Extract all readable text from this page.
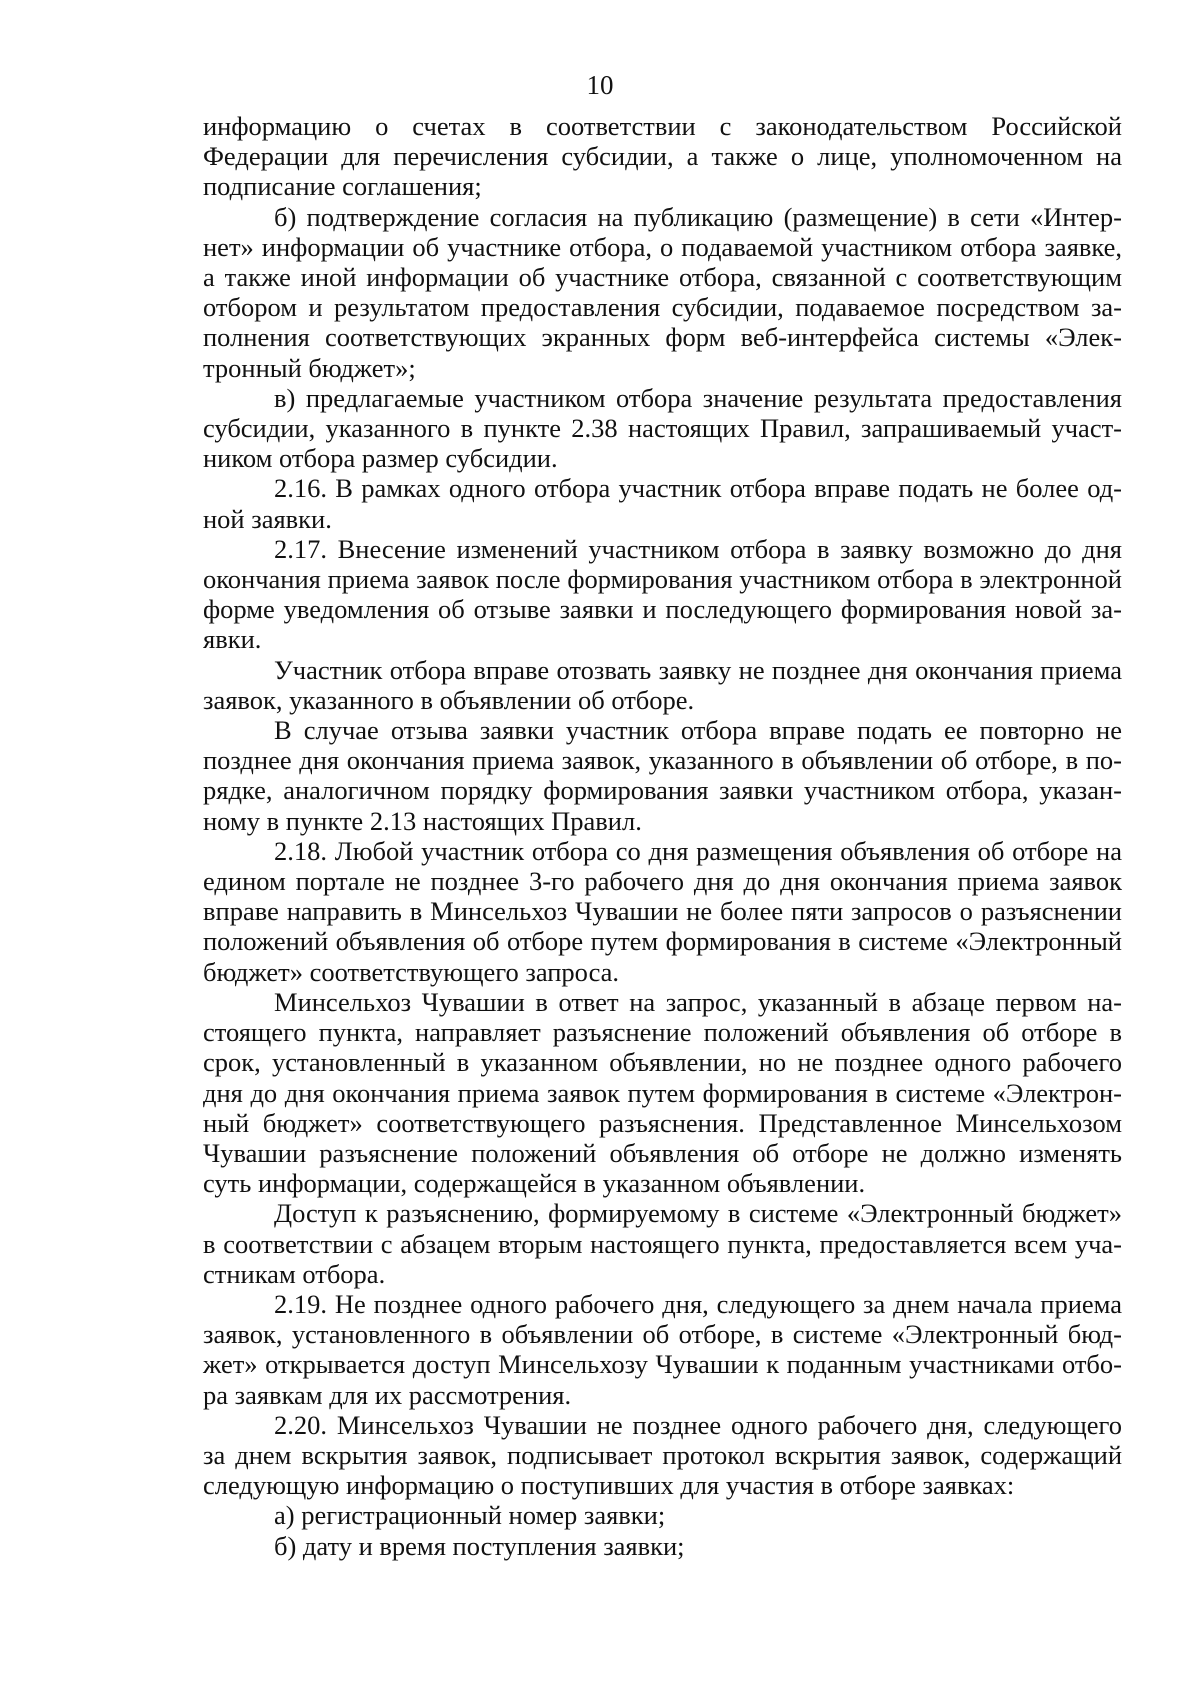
10

информацию о счетах в соответствии с законодательством Российской
Федерации для перечисления субсидии, а также о лице, уполномоченном на
подписание соглашения;

б) подтверждение согласия на публикацию (размещение) в сети «Интер-
нет» информации об участнике отбора, о подаваемой участником отбора заявке,
а также иной информации об участнике отбора, связанной с соответствующим
отбором и результатом предоставления субсидии, подаваемое посредством за-
полнения соответствующих экранных форм веб-интерфейса системы «Элек-
тронный бюджет»;

в) предлагаемые участником отбора значение результата предоставления
субсидии, указанного в пункте 2.38 настоящих Правил, запрашиваемый участ-
ником отбора размер субсидии.

2.16. В рамках одного отбора участник отбора вправе подать не более од-
ной заявки.

2.17. Внесение изменений участником отбора в заявку возможно до дня
окончания приема заявок после формирования участником отбора в электронной
форме уведомления об отзыве заявки и последующего формирования новой за-
явки.

Участник отбора вправе отозвать заявку не позднее дня окончания приема
заявок, указанного в объявлении об отборе.

В случае отзыва заявки участник отбора вправе подать ее повторно не
позднее дня окончания приема заявок, указанного в объявлении об отборе, в по-
рядке, аналогичном порядку формирования заявки участником отбора, указан-
ному в пункте 2.13 настоящих Правил.

2.18. Любой участник отбора со дня размещения объявления об отборе на
едином портале не позднее 3-го рабочего дня до дня окончания приема заявок
вправе направить в Минсельхоз Чувашии не более пяти запросов о разъяснении
положений объявления об отборе путем формирования в системе «Электронный
бюджет» соответствующего запроса.

Минсельхоз Чувашии в ответ на запрос, указанный в абзаце первом на-
стоящего пункта, направляет разъяснение положений объявления об отборе в
срок, установленный в указанном объявлении, но не позднее одного рабочего
дня до дня окончания приема заявок путем формирования в системе «Электрон-
ный бюджет» соответствующего разъяснения. Представленное Минсельхозом
Чувашии разъяснение положений объявления об отборе не должно изменять
суть информации, содержащейся в указанном объявлении.

Доступ к разъяснению, формируемому в системе «Электронный бюджет»
в соответствии с абзацем вторым настоящего пункта, предоставляется всем уча-
стникам отбора.

2.19. Не позднее одного рабочего дня, следующего за днем начала приема
заявок, установленного в объявлении об отборе, в системе «Электронный бюд-
жет» открывается доступ Минсельхозу Чувашии к поданным участниками отбо-
ра заявкам для их рассмотрения.

2.20. Минсельхоз Чувашии не позднее одного рабочего дня, следующего
за днем вскрытия заявок, подписывает протокол вскрытия заявок, содержащий
следующую информацию о поступивших для участия в отборе заявках:

а) регистрационный номер заявки;

б) дату и время поступления заявки;
